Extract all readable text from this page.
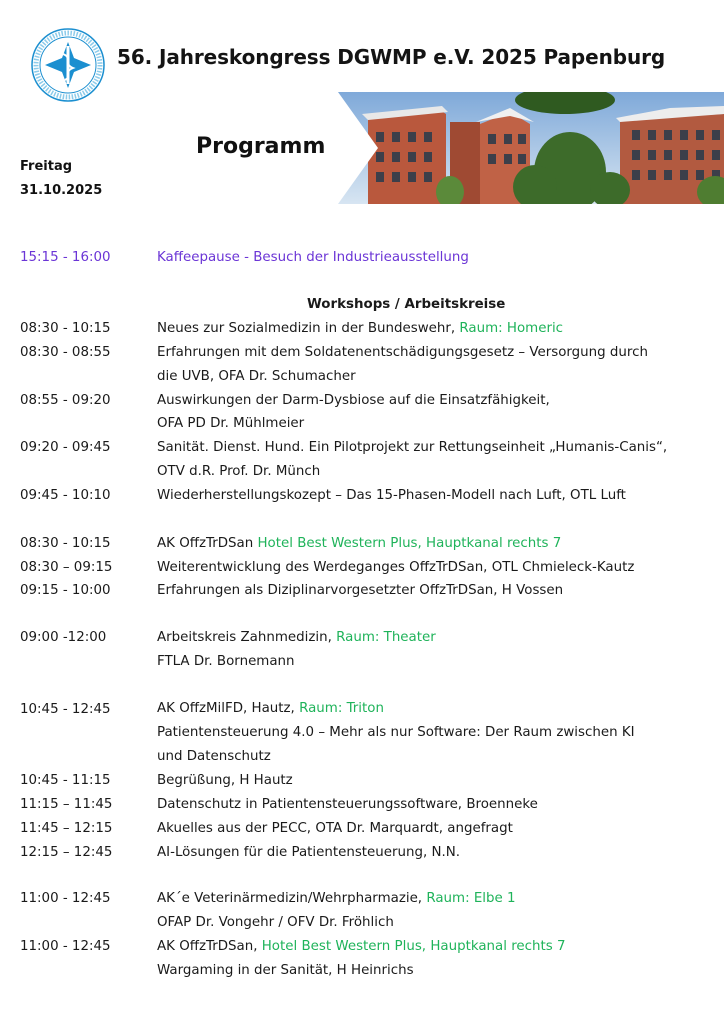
56. Jahreskongress DGWMP e.V. 2025 Papenburg
Programm
Freitag
31.10.2025
15:15 - 16:00	Kaffeepause - Besuch der Industrieausstellung
Workshops / Arbeitskreise
08:30 - 10:15	Neues zur Sozialmedizin in der Bundeswehr, Raum: Homeric
08:30 - 08:55	Erfahrungen mit dem Soldatenentschädigungsgesetz – Versorgung durch
die UVB, OFA Dr. Schumacher
08:55 - 09:20	Auswirkungen der Darm-Dysbiose auf die Einsatzfähigkeit,
OFA PD Dr. Mühlmeier
09:20 - 09:45	Sanität. Dienst. Hund. Ein Pilotprojekt zur Rettungseinheit „Humanis-Canis“,
OTV d.R. Prof. Dr. Münch
09:45 - 10:10	Wiederherstellungskozept – Das 15-Phasen-Modell nach Luft, OTL Luft
08:30 - 10:15	AK OffzTrDSan Hotel Best Western Plus, Hauptkanal rechts 7
08:30 – 09:15	Weiterentwicklung des Werdeganges OffzTrDSan, OTL Chmieleck-Kautz
09:15 - 10:00	Erfahrungen als Diziplinarvorgesetzter OffzTrDSan, H Vossen
09:00 -12:00	Arbeitskreis Zahnmedizin, Raum: Theater
FTLA Dr. Bornemann
10:45 - 12:45	AK OffzMilFD, Hautz, Raum: Triton
Patientensteuerung 4.0 – Mehr als nur Software: Der Raum zwischen KI
und Datenschutz
10:45 - 11:15	Begrüßung, H Hautz
11:15 – 11:45	Datenschutz in Patientensteuerungssoftware, Broenneke
11:45 – 12:15	Akuelles aus der PECC, OTA Dr. Marquardt, angefragt
12:15 – 12:45	AI-Lösungen für die Patientensteuerung, N.N.
11:00 - 12:45	AK´e Veterinärmedizin/Wehrpharmazie, Raum: Elbe 1
OFAP Dr. Vongehr / OFV Dr. Fröhlich
11:00 - 12:45	AK OffzTrDSan, Hotel Best Western Plus, Hauptkanal rechts 7
Wargaming in der Sanität, H Heinrichs
